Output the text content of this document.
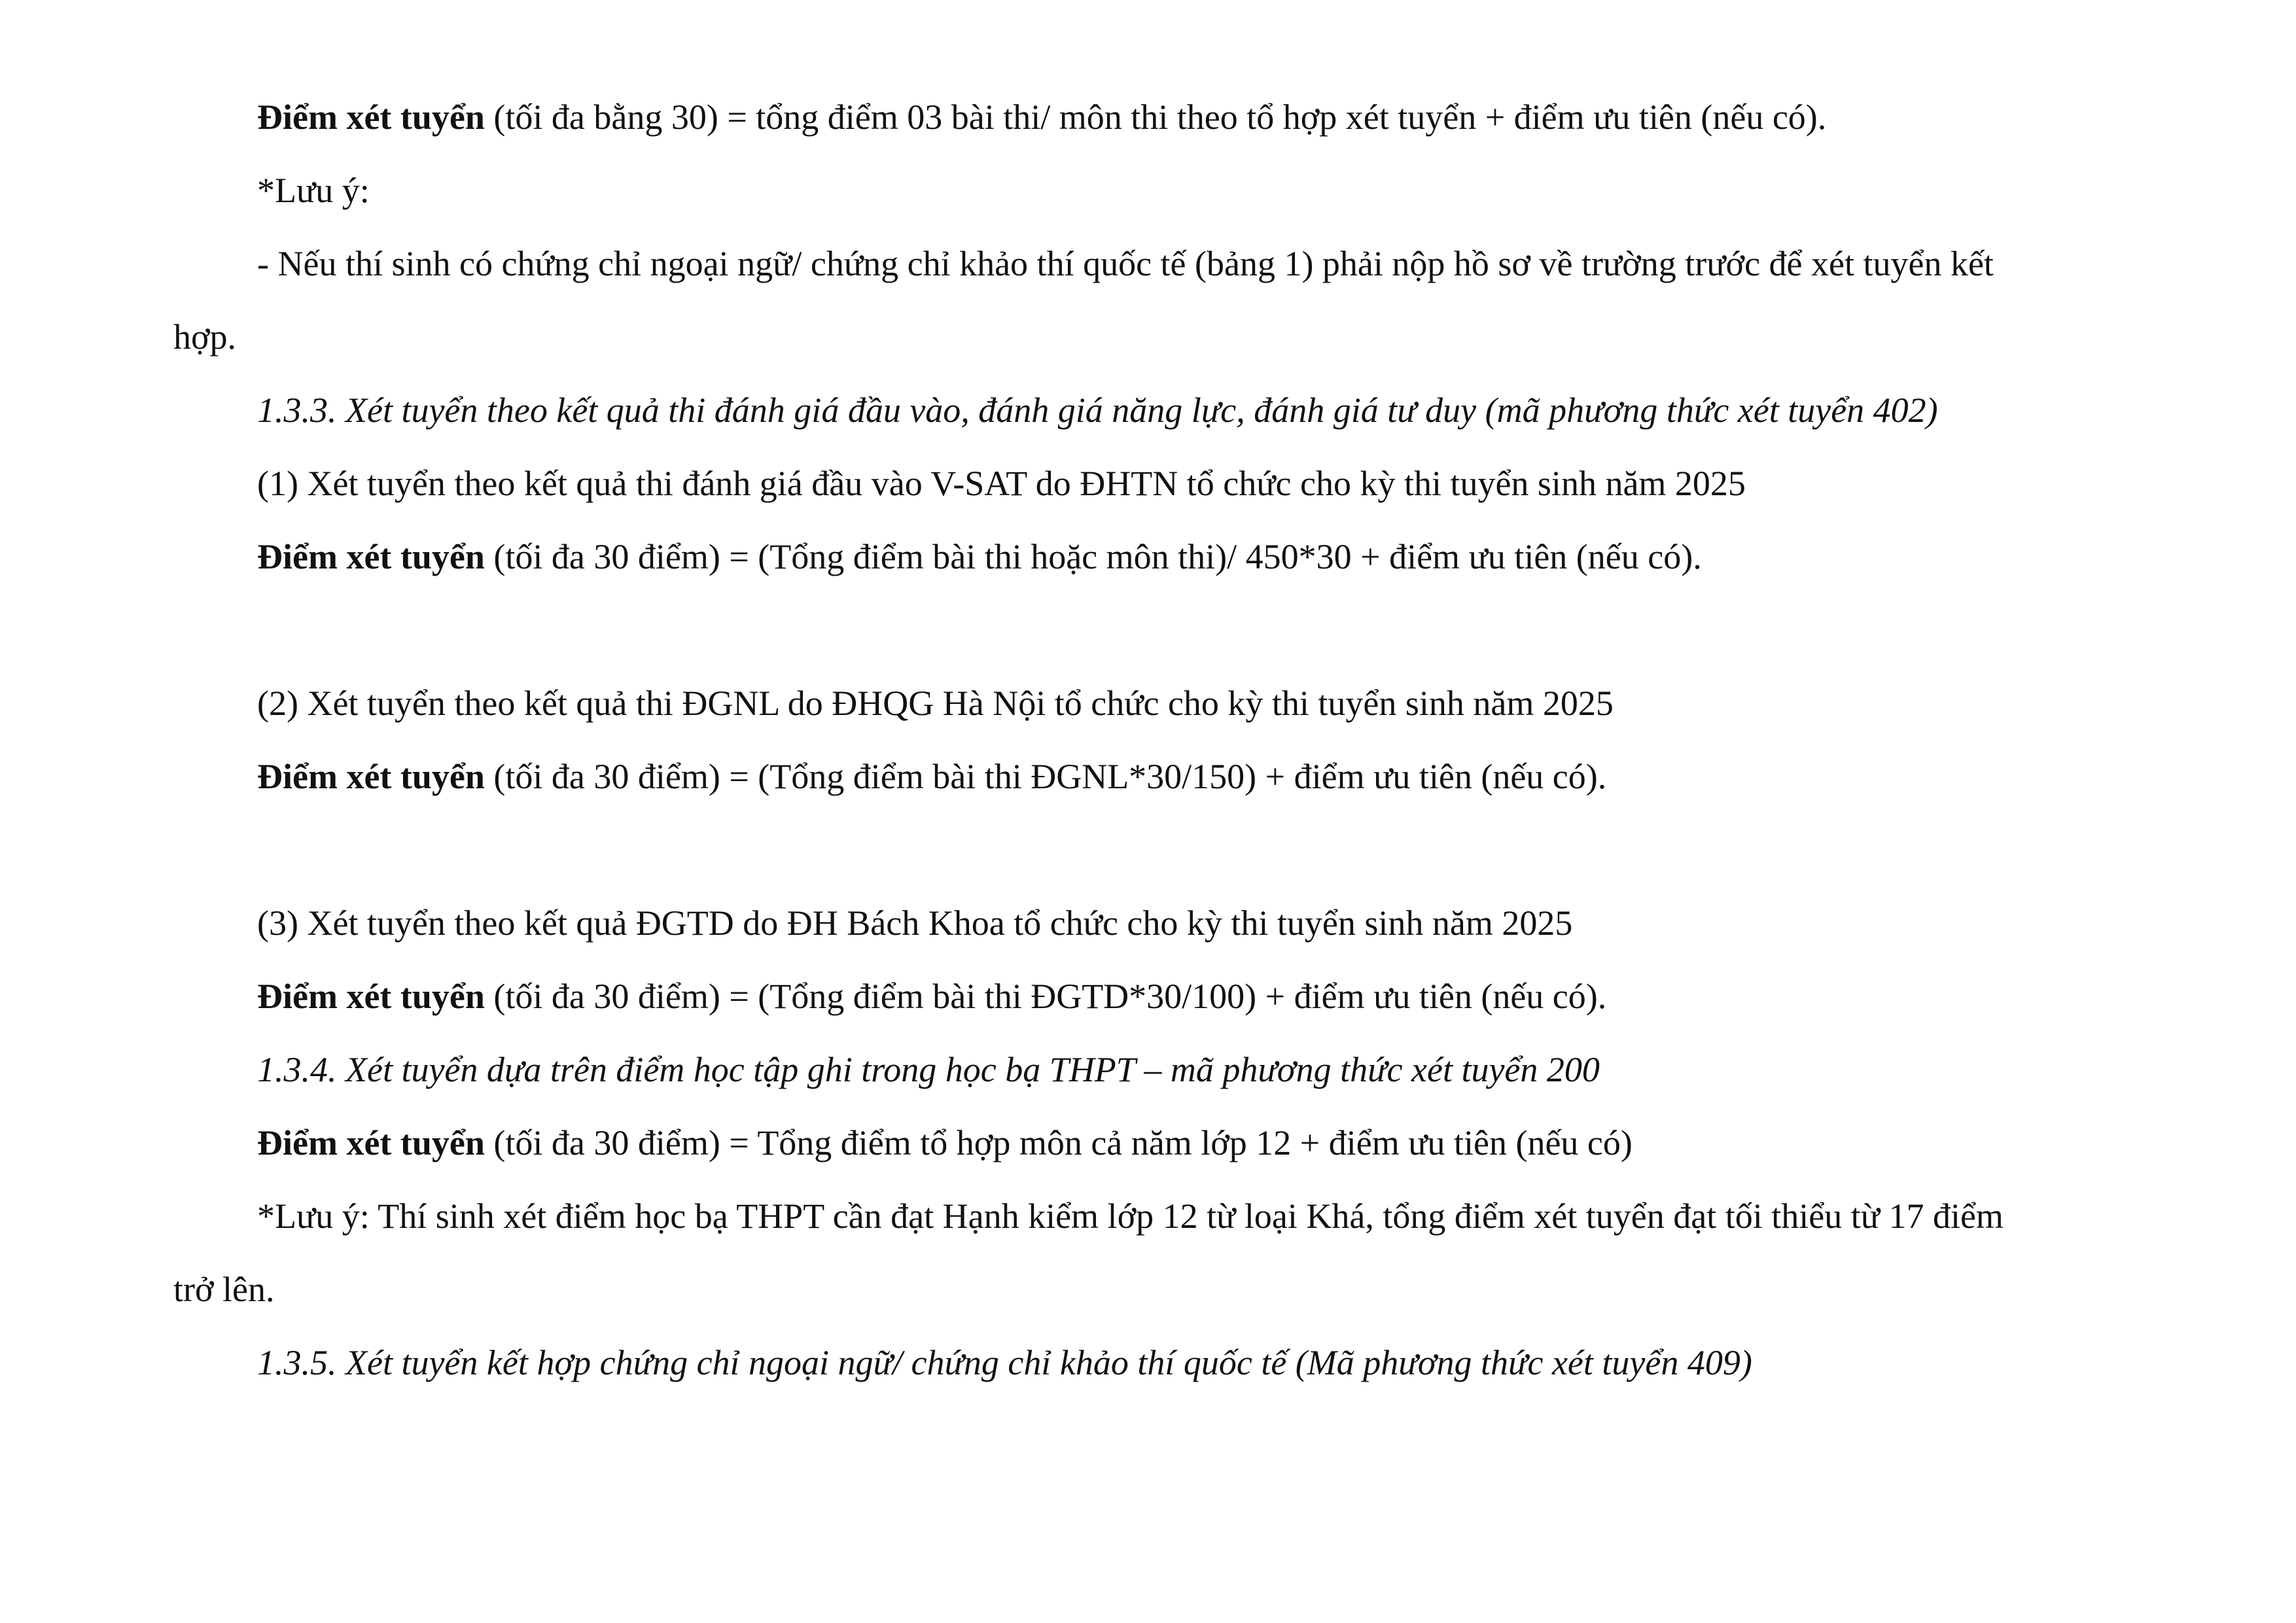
Điểm xét tuyển (tối đa bằng 30) = tổng điểm 03 bài thi/ môn thi theo tổ hợp xét tuyển + điểm ưu tiên (nếu có).
*Lưu ý:
- Nếu thí sinh có chứng chỉ ngoại ngữ/ chứng chỉ khảo thí quốc tế (bảng 1) phải nộp hồ sơ về trường trước để xét tuyển kết
hợp.
1.3.3. Xét tuyển theo kết quả thi đánh giá đầu vào, đánh giá năng lực, đánh giá tư duy (mã phương thức xét tuyển 402)
(1) Xét tuyển theo kết quả thi đánh giá đầu vào V-SAT do ĐHTN tổ chức cho kỳ thi tuyển sinh năm 2025
Điểm xét tuyển (tối đa 30 điểm) = (Tổng điểm bài thi hoặc môn thi)/ 450*30 + điểm ưu tiên (nếu có).
(2) Xét tuyển theo kết quả thi ĐGNL do ĐHQG Hà Nội tổ chức cho kỳ thi tuyển sinh năm 2025
Điểm xét tuyển (tối đa 30 điểm) = (Tổng điểm bài thi ĐGNL*30/150) + điểm ưu tiên (nếu có).
(3) Xét tuyển theo kết quả ĐGTD do ĐH Bách Khoa tổ chức cho kỳ thi tuyển sinh năm 2025
Điểm xét tuyển (tối đa 30 điểm) = (Tổng điểm bài thi ĐGTD*30/100) + điểm ưu tiên (nếu có).
1.3.4. Xét tuyển dựa trên điểm học tập ghi trong học bạ THPT – mã phương thức xét tuyển 200
Điểm xét tuyển (tối đa 30 điểm) = Tổng điểm tổ hợp môn cả năm lớp 12 + điểm ưu tiên (nếu có)
*Lưu ý: Thí sinh xét điểm học bạ THPT cần đạt Hạnh kiểm lớp 12 từ loại Khá, tổng điểm xét tuyển đạt tối thiểu từ 17 điểm
trở lên.
1.3.5. Xét tuyển kết hợp chứng chỉ ngoại ngữ/ chứng chỉ khảo thí quốc tế (Mã phương thức xét tuyển 409)
